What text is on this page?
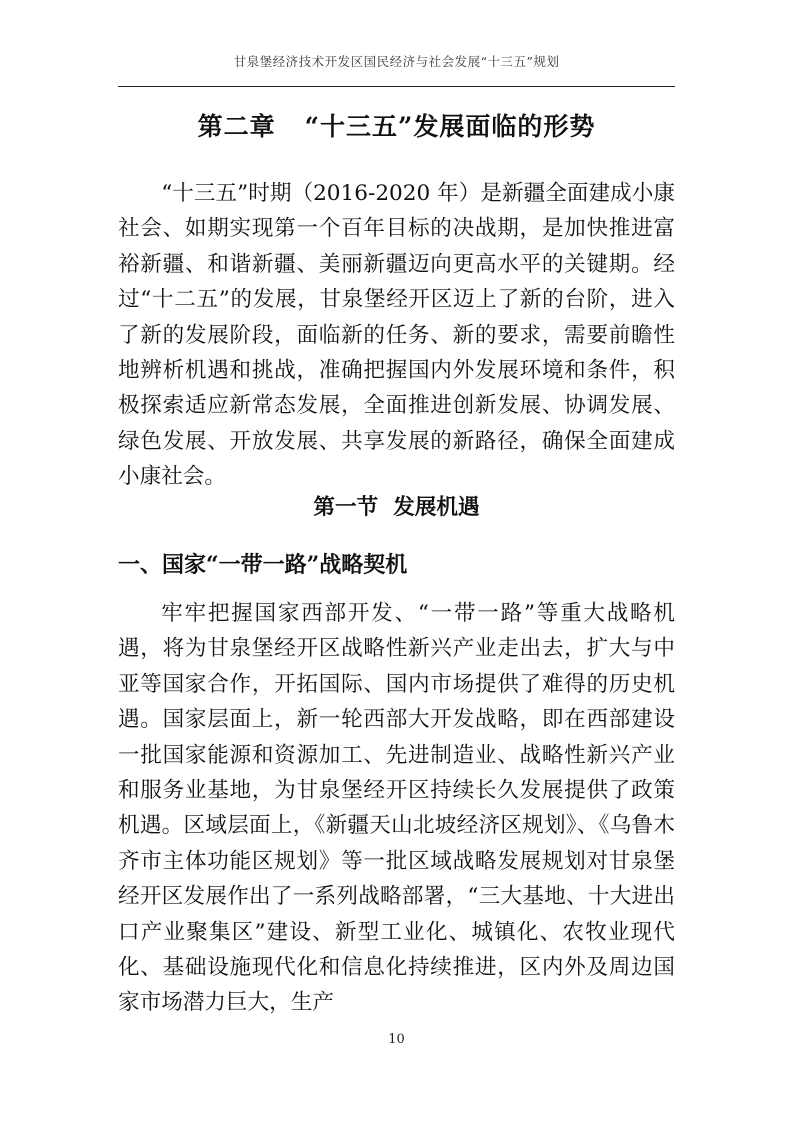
甘泉堡经济技术开发区国民经济与社会发展“十三五”规划
第二章   “十三五”发展面临的形势

“十三五”时期（2016-2020 年）是新疆全面建成小康社会、如期实现第一个百年目标的决战期，是加快推进富裕新疆、和谐新疆、美丽新疆迈向更高水平的关键期。经过“十二五”的发展，甘泉堡经开区迈上了新的台阶，进入了新的发展阶段，面临新的任务、新的要求，需要前瞻性地辨析机遇和挑战，准确把握国内外发展环境和条件，积极探索适应新常态发展，全面推进创新发展、协调发展、绿色发展、开放发展、共享发展的新路径，确保全面建成小康社会。

第一节  发展机遇
一、国家“一带一路”战略契机

牢牢把握国家西部开发、“一带一路”等重大战略机遇，将为甘泉堡经开区战略性新兴产业走出去，扩大与中亚等国家合作，开拓国际、国内市场提供了难得的历史机遇。国家层面上，新一轮西部大开发战略，即在西部建设一批国家能源和资源加工、先进制造业、战略性新兴产业和服务业基地，为甘泉堡经开区持续长久发展提供了政策机遇。区域层面上，《新疆天山北坡经济区规划》、《乌鲁木齐市主体功能区规划》等一批区域战略发展规划对甘泉堡经开区发展作出了一系列战略部署，“三大基地、十大进出口产业聚集区”建设、新型工业化、城镇化、农牧业现代化、基础设施现代化和信息化持续推进，区内外及周边国家市场潜力巨大，生产

10
